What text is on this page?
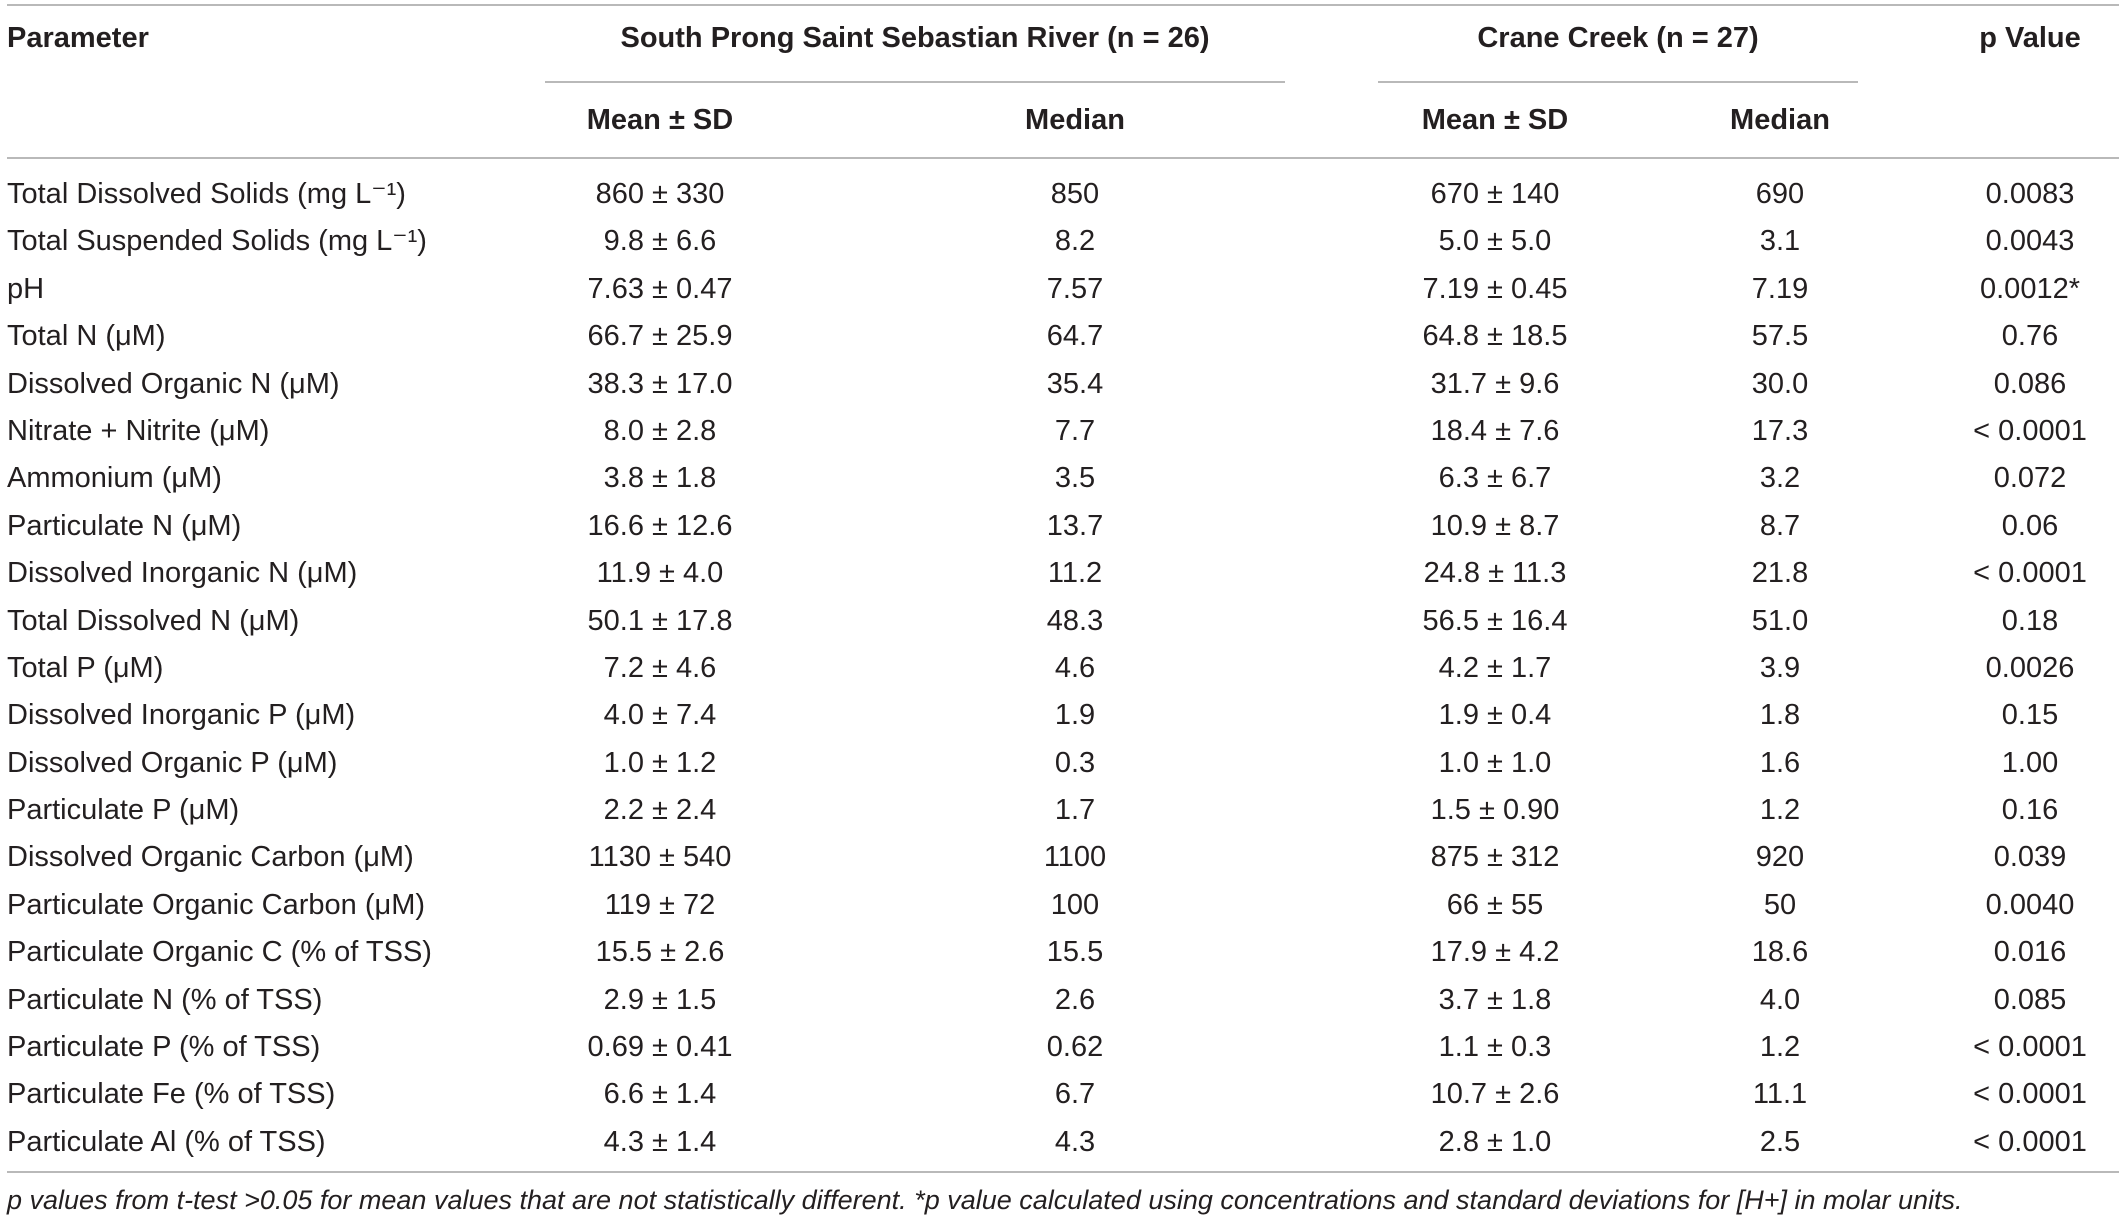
Parameter	South Prong Saint Sebastian River (n = 26)	Crane Creek (n = 27)	p Value
Mean ± SD	Median	Mean ± SD	Median
Total Dissolved Solids (mg L⁻¹)	860 ± 330	850	670 ± 140	690	0.0083
Total Suspended Solids (mg L⁻¹)	9.8 ± 6.6	8.2	5.0 ± 5.0	3.1	0.0043
pH	7.63 ± 0.47	7.57	7.19 ± 0.45	7.19	0.0012*
Total N (μM)	66.7 ± 25.9	64.7	64.8 ± 18.5	57.5	0.76
Dissolved Organic N (μM)	38.3 ± 17.0	35.4	31.7 ± 9.6	30.0	0.086
Nitrate + Nitrite (μM)	8.0 ± 2.8	7.7	18.4 ± 7.6	17.3	< 0.0001
Ammonium (μM)	3.8 ± 1.8	3.5	6.3 ± 6.7	3.2	0.072
Particulate N (μM)	16.6 ± 12.6	13.7	10.9 ± 8.7	8.7	0.06
Dissolved Inorganic N (μM)	11.9 ± 4.0	11.2	24.8 ± 11.3	21.8	< 0.0001
Total Dissolved N (μM)	50.1 ± 17.8	48.3	56.5 ± 16.4	51.0	0.18
Total P (μM)	7.2 ± 4.6	4.6	4.2 ± 1.7	3.9	0.0026
Dissolved Inorganic P (μM)	4.0 ± 7.4	1.9	1.9 ± 0.4	1.8	0.15
Dissolved Organic P (μM)	1.0 ± 1.2	0.3	1.0 ± 1.0	1.6	1.00
Particulate P (μM)	2.2 ± 2.4	1.7	1.5 ± 0.90	1.2	0.16
Dissolved Organic Carbon (μM)	1130 ± 540	1100	875 ± 312	920	0.039
Particulate Organic Carbon (μM)	119 ± 72	100	66 ± 55	50	0.0040
Particulate Organic C (% of TSS)	15.5 ± 2.6	15.5	17.9 ± 4.2	18.6	0.016
Particulate N (% of TSS)	2.9 ± 1.5	2.6	3.7 ± 1.8	4.0	0.085
Particulate P (% of TSS)	0.69 ± 0.41	0.62	1.1 ± 0.3	1.2	< 0.0001
Particulate Fe (% of TSS)	6.6 ± 1.4	6.7	10.7 ± 2.6	11.1	< 0.0001
Particulate Al (% of TSS)	4.3 ± 1.4	4.3	2.8 ± 1.0	2.5	< 0.0001
p values from t-test >0.05 for mean values that are not statistically different. *p value calculated using concentrations and standard deviations for [H+] in molar units.
